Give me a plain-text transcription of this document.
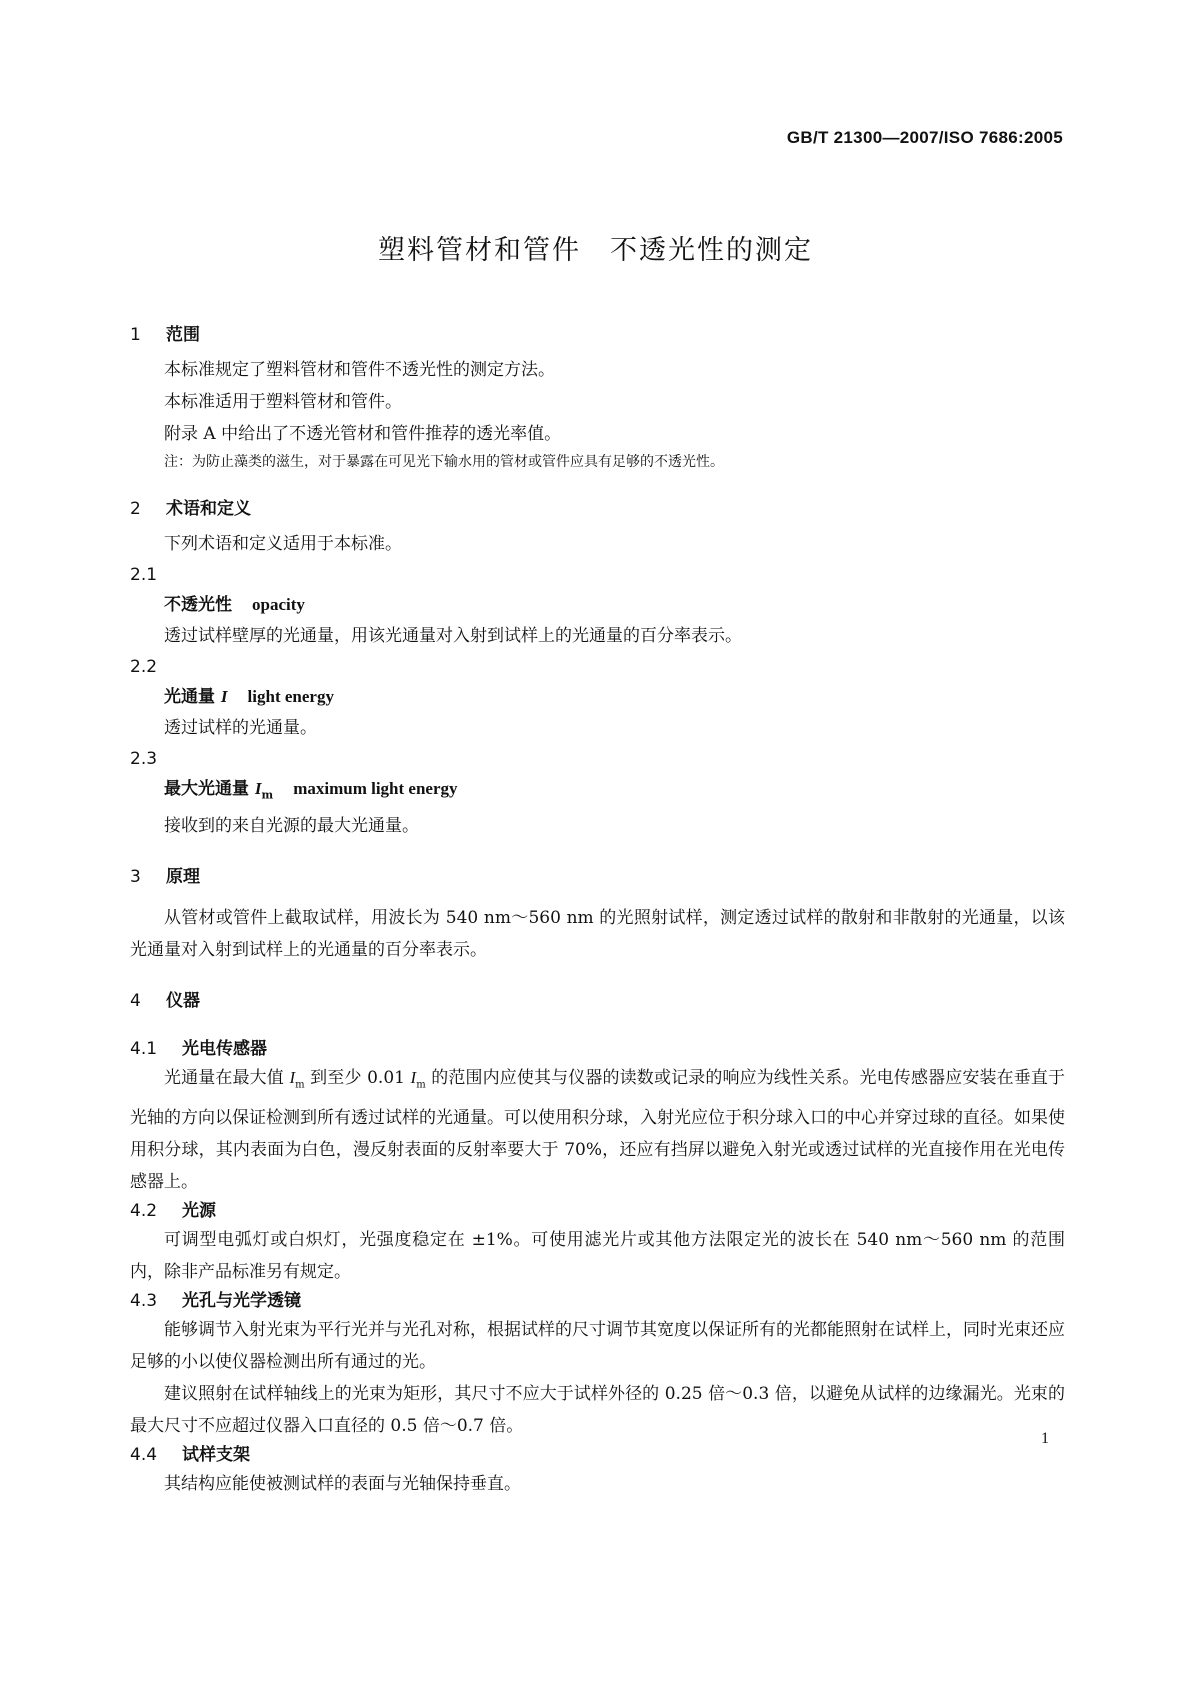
GB/T 21300—2007/ISO 7686:2005
塑料管材和管件　不透光性的测定
1 范围

本标准规定了塑料管材和管件不透光性的测定方法。

本标准适用于塑料管材和管件。

附录 A 中给出了不透光管材和管件推荐的透光率值。

注：为防止藻类的滋生，对于暴露在可见光下输水用的管材或管件应具有足够的不透光性。

2 术语和定义

下列术语和定义适用于本标准。

2.1
不透光性 opacity

透过试样壁厚的光通量，用该光通量对入射到试样上的光通量的百分率表示。

2.2
光通量 I light energy

透过试样的光通量。

2.3
最大光通量 $I_m$ maximum light energy

接收到的来自光源的最大光通量。

3 原理

从管材或管件上截取试样，用波长为 540 nm～560 nm 的光照射试样，测定透过试样的散射和非散射的光通量，以该光通量对入射到试样上的光通量的百分率表示。

4 仪器
4.1 光电传感器

光通量在最大值 $I_m$ 到至少 0.01 $I_m$ 的范围内应使其与仪器的读数或记录的响应为线性关系。光电传感器应安装在垂直于光轴的方向以保证检测到所有透过试样的光通量。可以使用积分球，入射光应位于积分球入口的中心并穿过球的直径。如果使用积分球，其内表面为白色，漫反射表面的反射率要大于 70%，还应有挡屏以避免入射光或透过试样的光直接作用在光电传感器上。

4.2 光源

可调型电弧灯或白炽灯，光强度稳定在 ±1%。可使用滤光片或其他方法限定光的波长在 540 nm～560 nm 的范围内，除非产品标准另有规定。

4.3 光孔与光学透镜

能够调节入射光束为平行光并与光孔对称，根据试样的尺寸调节其宽度以保证所有的光都能照射在试样上，同时光束还应足够的小以使仪器检测出所有通过的光。

建议照射在试样轴线上的光束为矩形，其尺寸不应大于试样外径的 0.25 倍～0.3 倍，以避免从试样的边缘漏光。光束的最大尺寸不应超过仪器入口直径的 0.5 倍～0.7 倍。

4.4 试样支架

其结构应能使被测试样的表面与光轴保持垂直。

1
